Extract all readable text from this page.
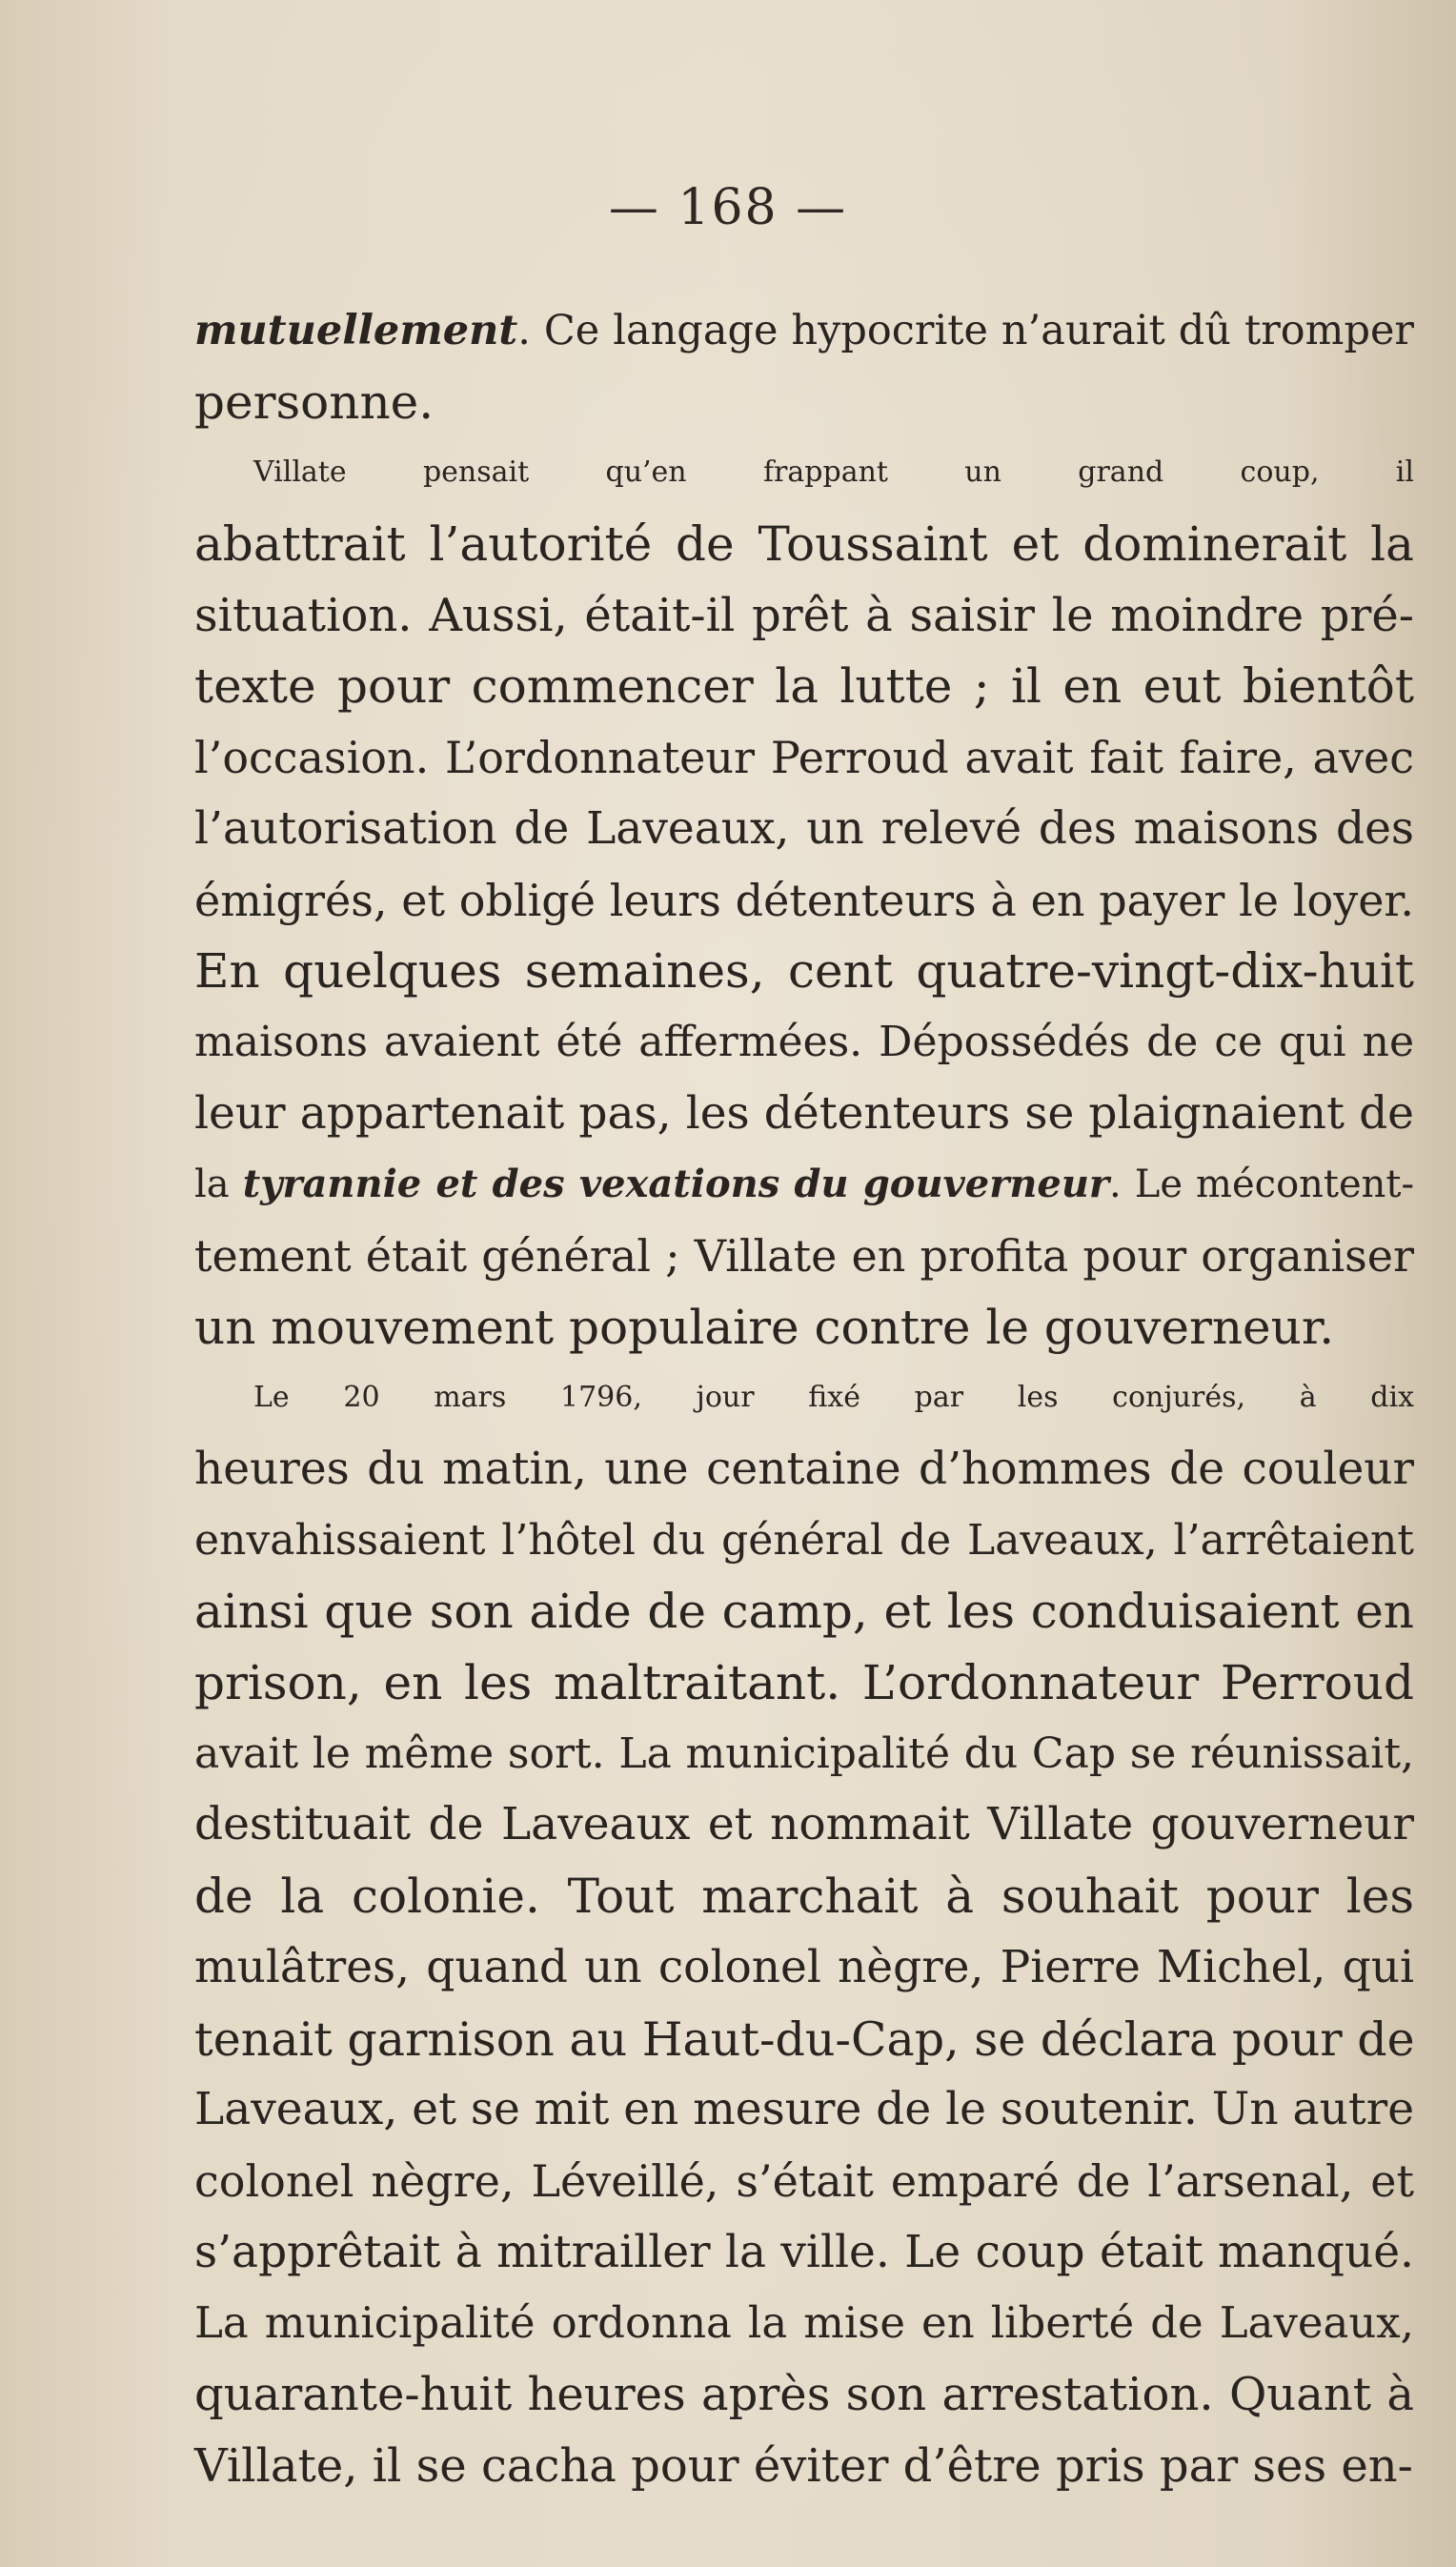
— 168 —
mutuellement. Ce langage hypocrite n’aurait dû tromper
personne.
Villate pensait qu’en frappant un grand coup, il
abattrait l’autorité de Toussaint et dominerait la
situation. Aussi, était-il prêt à saisir le moindre pré-
texte pour commencer la lutte ; il en eut bientôt
l’occasion. L’ordonnateur Perroud avait fait faire, avec
l’autorisation de Laveaux, un relevé des maisons des
émigrés, et obligé leurs détenteurs à en payer le loyer.
En quelques semaines, cent quatre-vingt-dix-huit
maisons avaient été affermées. Dépossédés de ce qui ne
leur appartenait pas, les détenteurs se plaignaient de
la tyrannie et des vexations du gouverneur. Le mécontent-
tement était général ; Villate en profita pour organiser
un mouvement populaire contre le gouverneur.
Le 20 mars 1796, jour fixé par les conjurés, à dix
heures du matin, une centaine d’hommes de couleur
envahissaient l’hôtel du général de Laveaux, l’arrêtaient
ainsi que son aide de camp, et les conduisaient en
prison, en les maltraitant. L’ordonnateur Perroud
avait le même sort. La municipalité du Cap se réunissait,
destituait de Laveaux et nommait Villate gouverneur
de la colonie. Tout marchait à souhait pour les
mulâtres, quand un colonel nègre, Pierre Michel, qui
tenait garnison au Haut-du-Cap, se déclara pour de
Laveaux, et se mit en mesure de le soutenir. Un autre
colonel nègre, Léveillé, s’était emparé de l’arsenal, et
s’apprêtait à mitrailler la ville. Le coup était manqué.
La municipalité ordonna la mise en liberté de Laveaux,
quarante-huit heures après son arrestation. Quant à
Villate, il se cacha pour éviter d’être pris par ses en-
